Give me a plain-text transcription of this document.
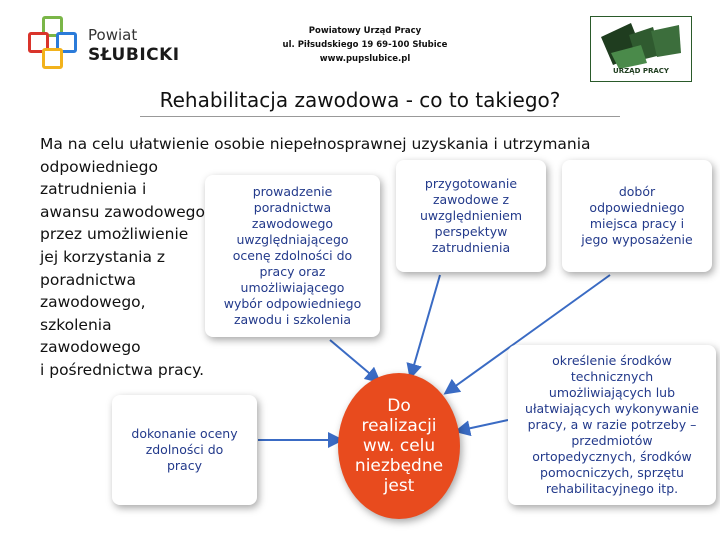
Powiat
SŁUBICKI
Powiatowy Urząd Pracy
ul. Piłsudskiego 19 69-100 Słubice
www.pupslubice.pl
URZĄD PRACY
Rehabilitacja zawodowa - co to takiego?
Ma na celu ułatwienie osobie niepełnosprawnej uzyskania i utrzymania
odpowiedniego
zatrudnienia i
awansu zawodowego
przez umożliwienie
jej korzystania z
poradnictwa
zawodowego,
szkolenia
zawodowego
i pośrednictwa pracy.
prowadzenie
poradnictwa
zawodowego
uwzględniającego
ocenę zdolności do
pracy oraz
umożliwiającego
wybór odpowiedniego
zawodu i szkolenia
przygotowanie
zawodowe z
uwzględnieniem
perspektyw
zatrudnienia
dobór
odpowiedniego
miejsca pracy i
jego wyposażenie
określenie środków
technicznych
umożliwiających lub
ułatwiających wykonywanie
pracy, a w razie potrzeby –
przedmiotów
ortopedycznych, środków
pomocniczych, sprzętu
rehabilitacyjnego itp.
dokonanie oceny
zdolności do
pracy
Do
realizacji
ww. celu
niezbędne
jest
